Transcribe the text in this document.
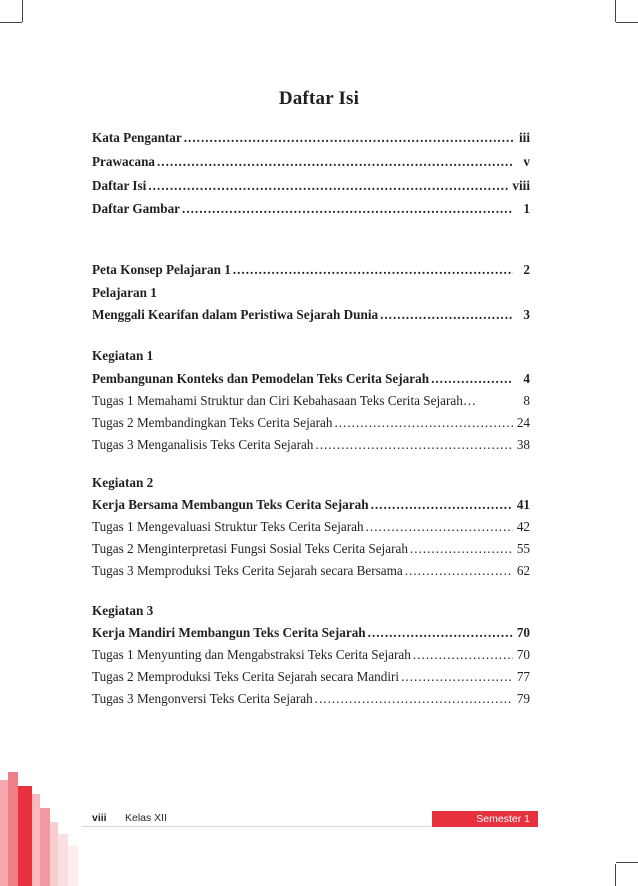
Daftar Isi
Kata Pengantar .....	iii
Prawacana .....	v
Daftar Isi .....	viii
Daftar Gambar .....	1
Peta Konsep Pelajaran 1 .....	2
Pelajaran 1
Menggali Kearifan dalam Peristiwa Sejarah Dunia .....	3
Kegiatan 1
Pembangunan Konteks dan Pemodelan Teks Cerita Sejarah .....	4
Tugas 1 Memahami Struktur dan Ciri Kebahasaan Teks Cerita Sejarah…	8
Tugas 2 Membandingkan Teks Cerita Sejarah .....	24
Tugas 3 Menganalisis Teks Cerita Sejarah .....	38
Kegiatan 2
Kerja Bersama Membangun Teks Cerita Sejarah .....	41
Tugas 1 Mengevaluasi Struktur Teks Cerita Sejarah .....	42
Tugas 2 Menginterpretasi Fungsi Sosial Teks Cerita Sejarah .....	55
Tugas 3 Memproduksi Teks Cerita Sejarah secara Bersama .....	62
Kegiatan 3
Kerja Mandiri Membangun Teks Cerita Sejarah .....	70
Tugas 1 Menyunting dan Mengabstraksi Teks Cerita Sejarah .....	70
Tugas 2 Memproduksi Teks Cerita Sejarah secara Mandiri .....	77
Tugas 3 Mengonversi Teks Cerita Sejarah .....	79
viii Kelas XII	Semester 1
